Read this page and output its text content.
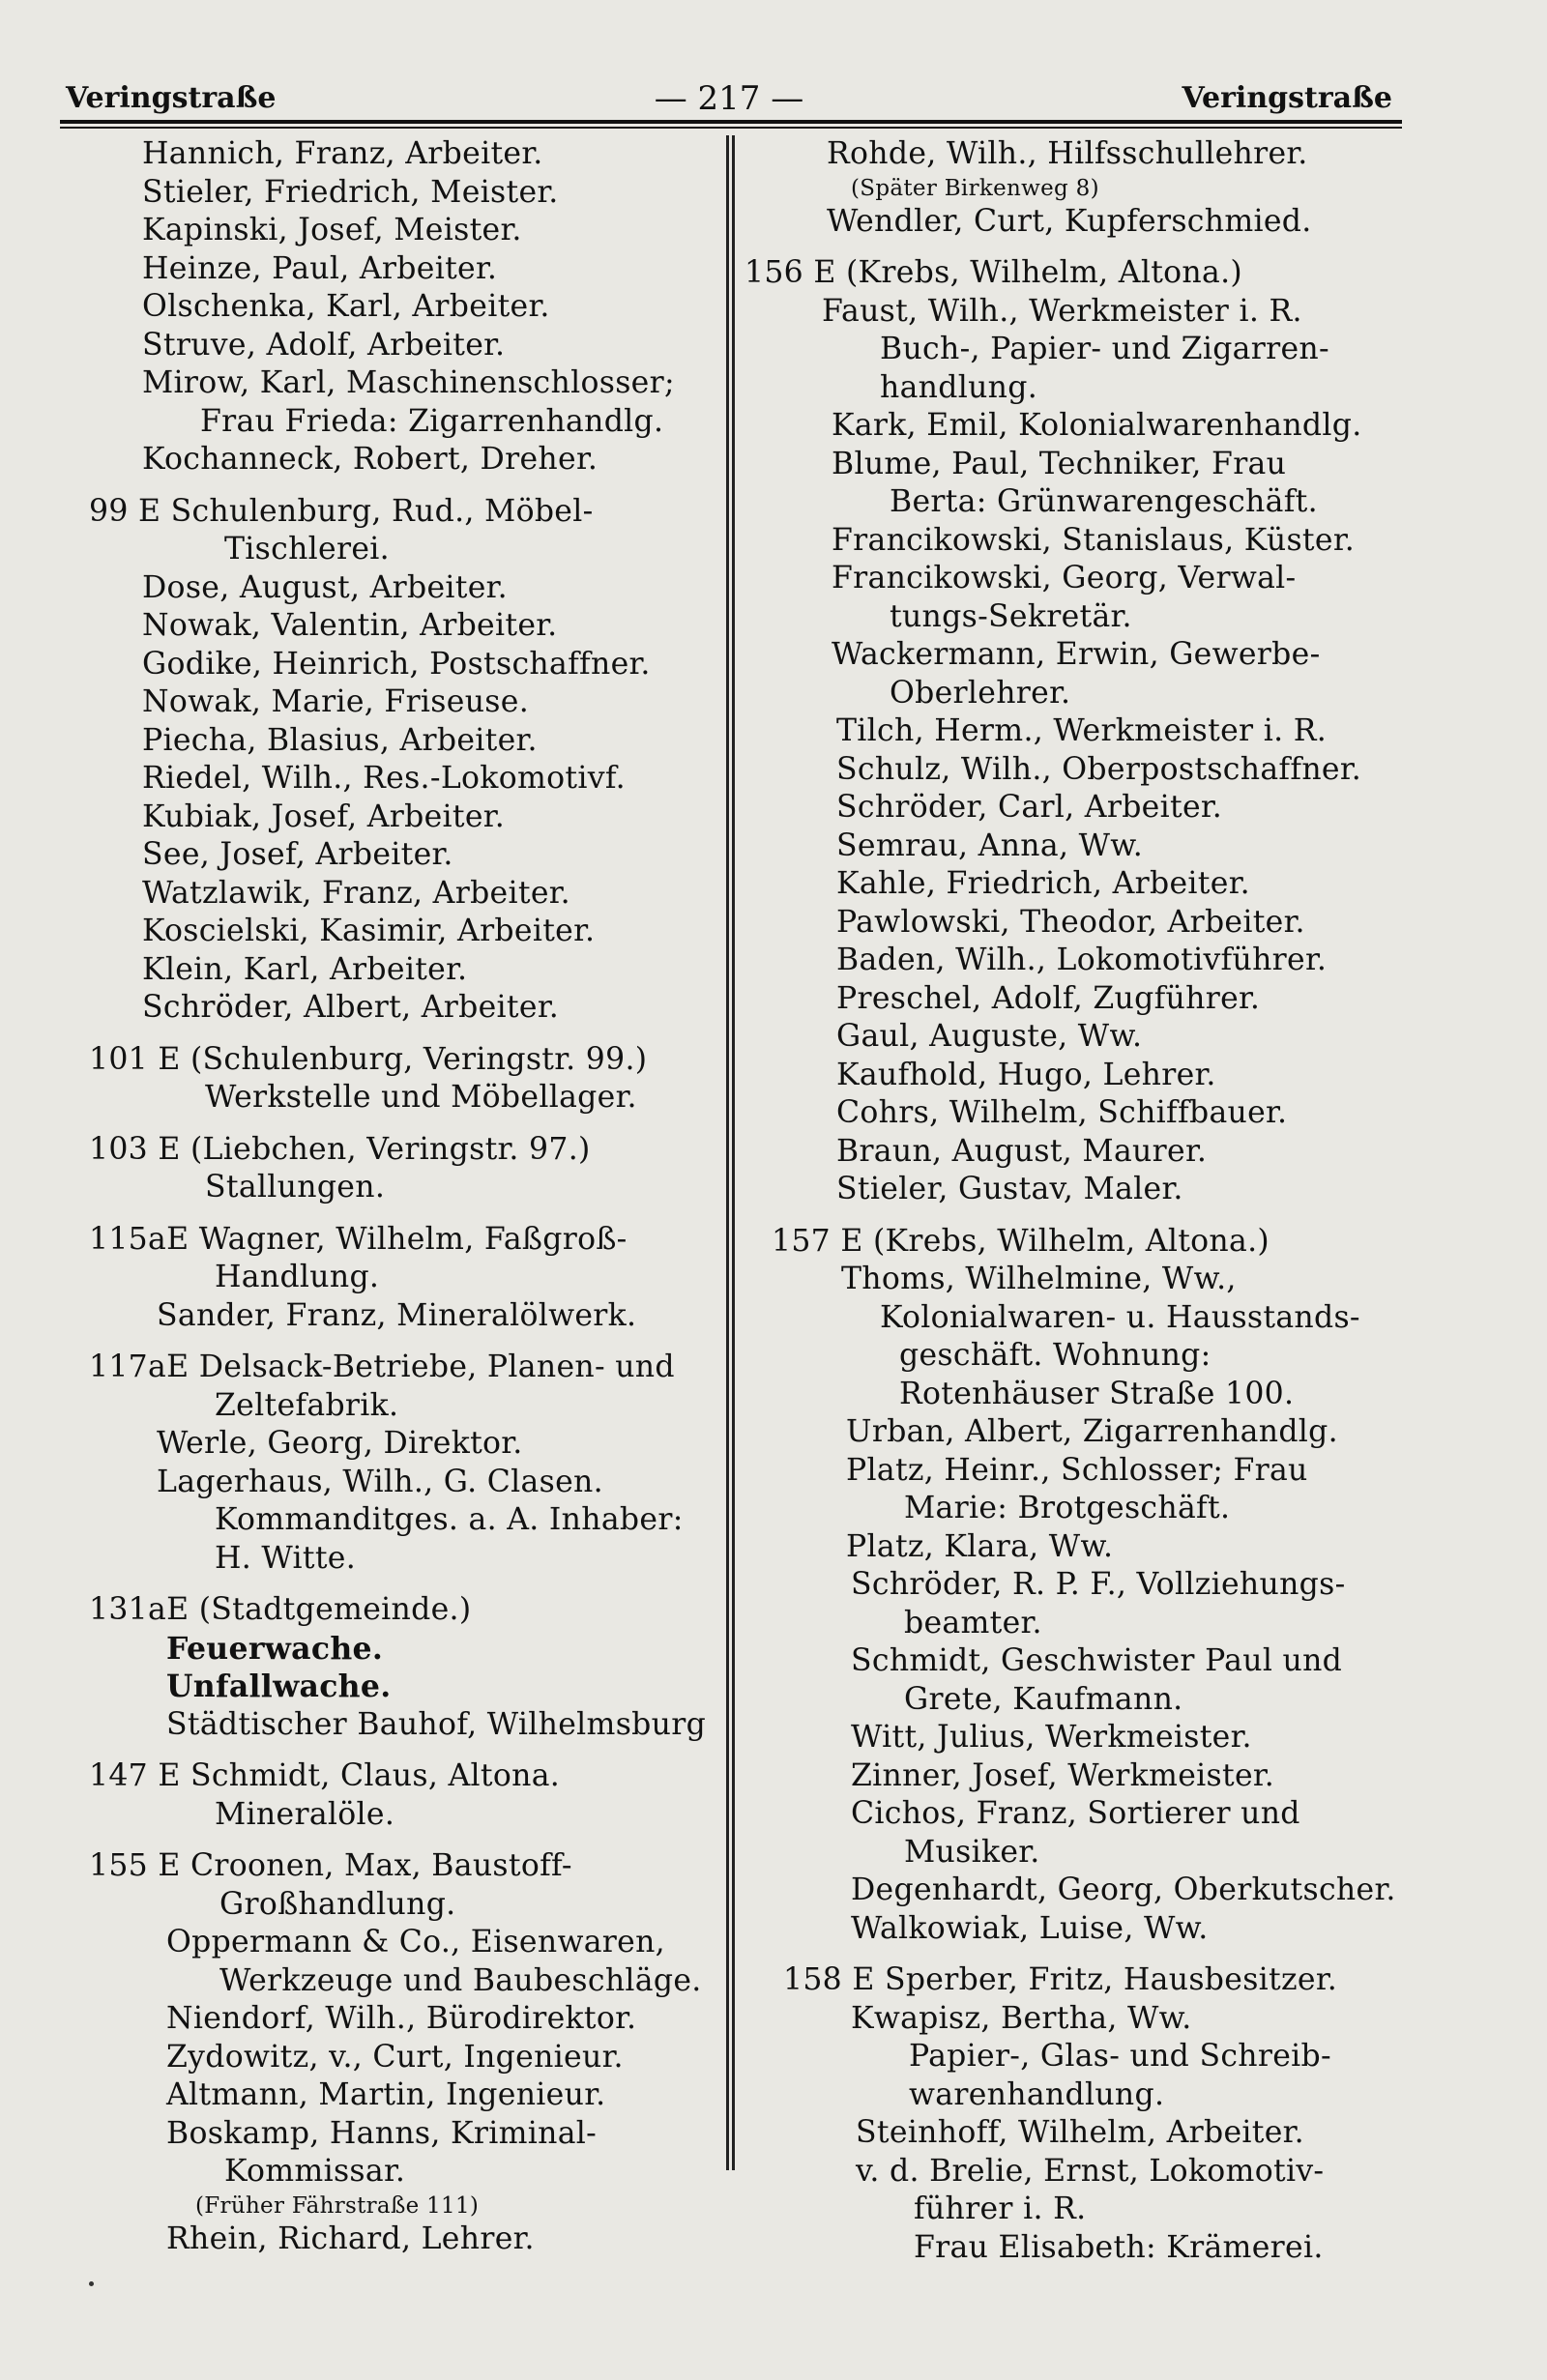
Veringstraße	— 217 —	Veringstraße
Hannich, Franz, Arbeiter.
Stieler, Friedrich, Meister.
Kapinski, Josef, Meister.
Heinze, Paul, Arbeiter.
Olschenka, Karl, Arbeiter.
Struve, Adolf, Arbeiter.
Mirow, Karl, Maschinenschlosser;
Frau Frieda: Zigarrenhandlg.
Kochanneck, Robert, Dreher.
99 E Schulenburg, Rud., Möbel-
Tischlerei.
Dose, August, Arbeiter.
Nowak, Valentin, Arbeiter.
Godike, Heinrich, Postschaffner.
Nowak, Marie, Friseuse.
Piecha, Blasius, Arbeiter.
Riedel, Wilh., Res.-Lokomotivf.
Kubiak, Josef, Arbeiter.
See, Josef, Arbeiter.
Watzlawik, Franz, Arbeiter.
Koscielski, Kasimir, Arbeiter.
Klein, Karl, Arbeiter.
Schröder, Albert, Arbeiter.
101 E (Schulenburg, Veringstr. 99.)
Werkstelle und Möbellager.
103 E (Liebchen, Veringstr. 97.)
Stallungen.
115aE Wagner, Wilhelm, Faßgroß-
Handlung.
Sander, Franz, Mineralölwerk.
117aE Delsack-Betriebe, Planen- und
Zeltefabrik.
Werle, Georg, Direktor.
Lagerhaus, Wilh., G. Clasen.
Kommanditges. a. A. Inhaber:
H. Witte.
131aE (Stadtgemeinde.)
Feuerwache.
Unfallwache.
Städtischer Bauhof, Wilhelmsburg
147 E Schmidt, Claus, Altona.
Mineralöle.
155 E Croonen, Max, Baustoff-
Großhandlung.
Oppermann & Co., Eisenwaren,
Werkzeuge und Baubeschläge.
Niendorf, Wilh., Bürodirektor.
Zydowitz, v., Curt, Ingenieur.
Altmann, Martin, Ingenieur.
Boskamp, Hanns, Kriminal-
Kommissar.
(Früher Fährstraße 111)
Rhein, Richard, Lehrer.
Rohde, Wilh., Hilfsschullehrer.
(Später Birkenweg 8)
Wendler, Curt, Kupferschmied.
156 E (Krebs, Wilhelm, Altona.)
Faust, Wilh., Werkmeister i. R.
Buch-, Papier- und Zigarren-
handlung.
Kark, Emil, Kolonialwarenhandlg.
Blume, Paul, Techniker, Frau
Berta: Grünwarengeschäft.
Francikowski, Stanislaus, Küster.
Francikowski, Georg, Verwal-
tungs-Sekretär.
Wackermann, Erwin, Gewerbe-
Oberlehrer.
Tilch, Herm., Werkmeister i. R.
Schulz, Wilh., Oberpostschaffner.
Schröder, Carl, Arbeiter.
Semrau, Anna, Ww.
Kahle, Friedrich, Arbeiter.
Pawlowski, Theodor, Arbeiter.
Baden, Wilh., Lokomotivführer.
Preschel, Adolf, Zugführer.
Gaul, Auguste, Ww.
Kaufhold, Hugo, Lehrer.
Cohrs, Wilhelm, Schiffbauer.
Braun, August, Maurer.
Stieler, Gustav, Maler.
157 E (Krebs, Wilhelm, Altona.)
Thoms, Wilhelmine, Ww.,
Kolonialwaren- u. Hausstands-
geschäft. Wohnung:
Rotenhäuser Straße 100.
Urban, Albert, Zigarrenhandlg.
Platz, Heinr., Schlosser; Frau
Marie: Brotgeschäft.
Platz, Klara, Ww.
Schröder, R. P. F., Vollziehungs-
beamter.
Schmidt, Geschwister Paul und
Grete, Kaufmann.
Witt, Julius, Werkmeister.
Zinner, Josef, Werkmeister.
Cichos, Franz, Sortierer und
Musiker.
Degenhardt, Georg, Oberkutscher.
Walkowiak, Luise, Ww.
158 E Sperber, Fritz, Hausbesitzer.
Kwapisz, Bertha, Ww.
Papier-, Glas- und Schreib-
warenhandlung.
Steinhoff, Wilhelm, Arbeiter.
v. d. Brelie, Ernst, Lokomotiv-
führer i. R.
Frau Elisabeth: Krämerei.
